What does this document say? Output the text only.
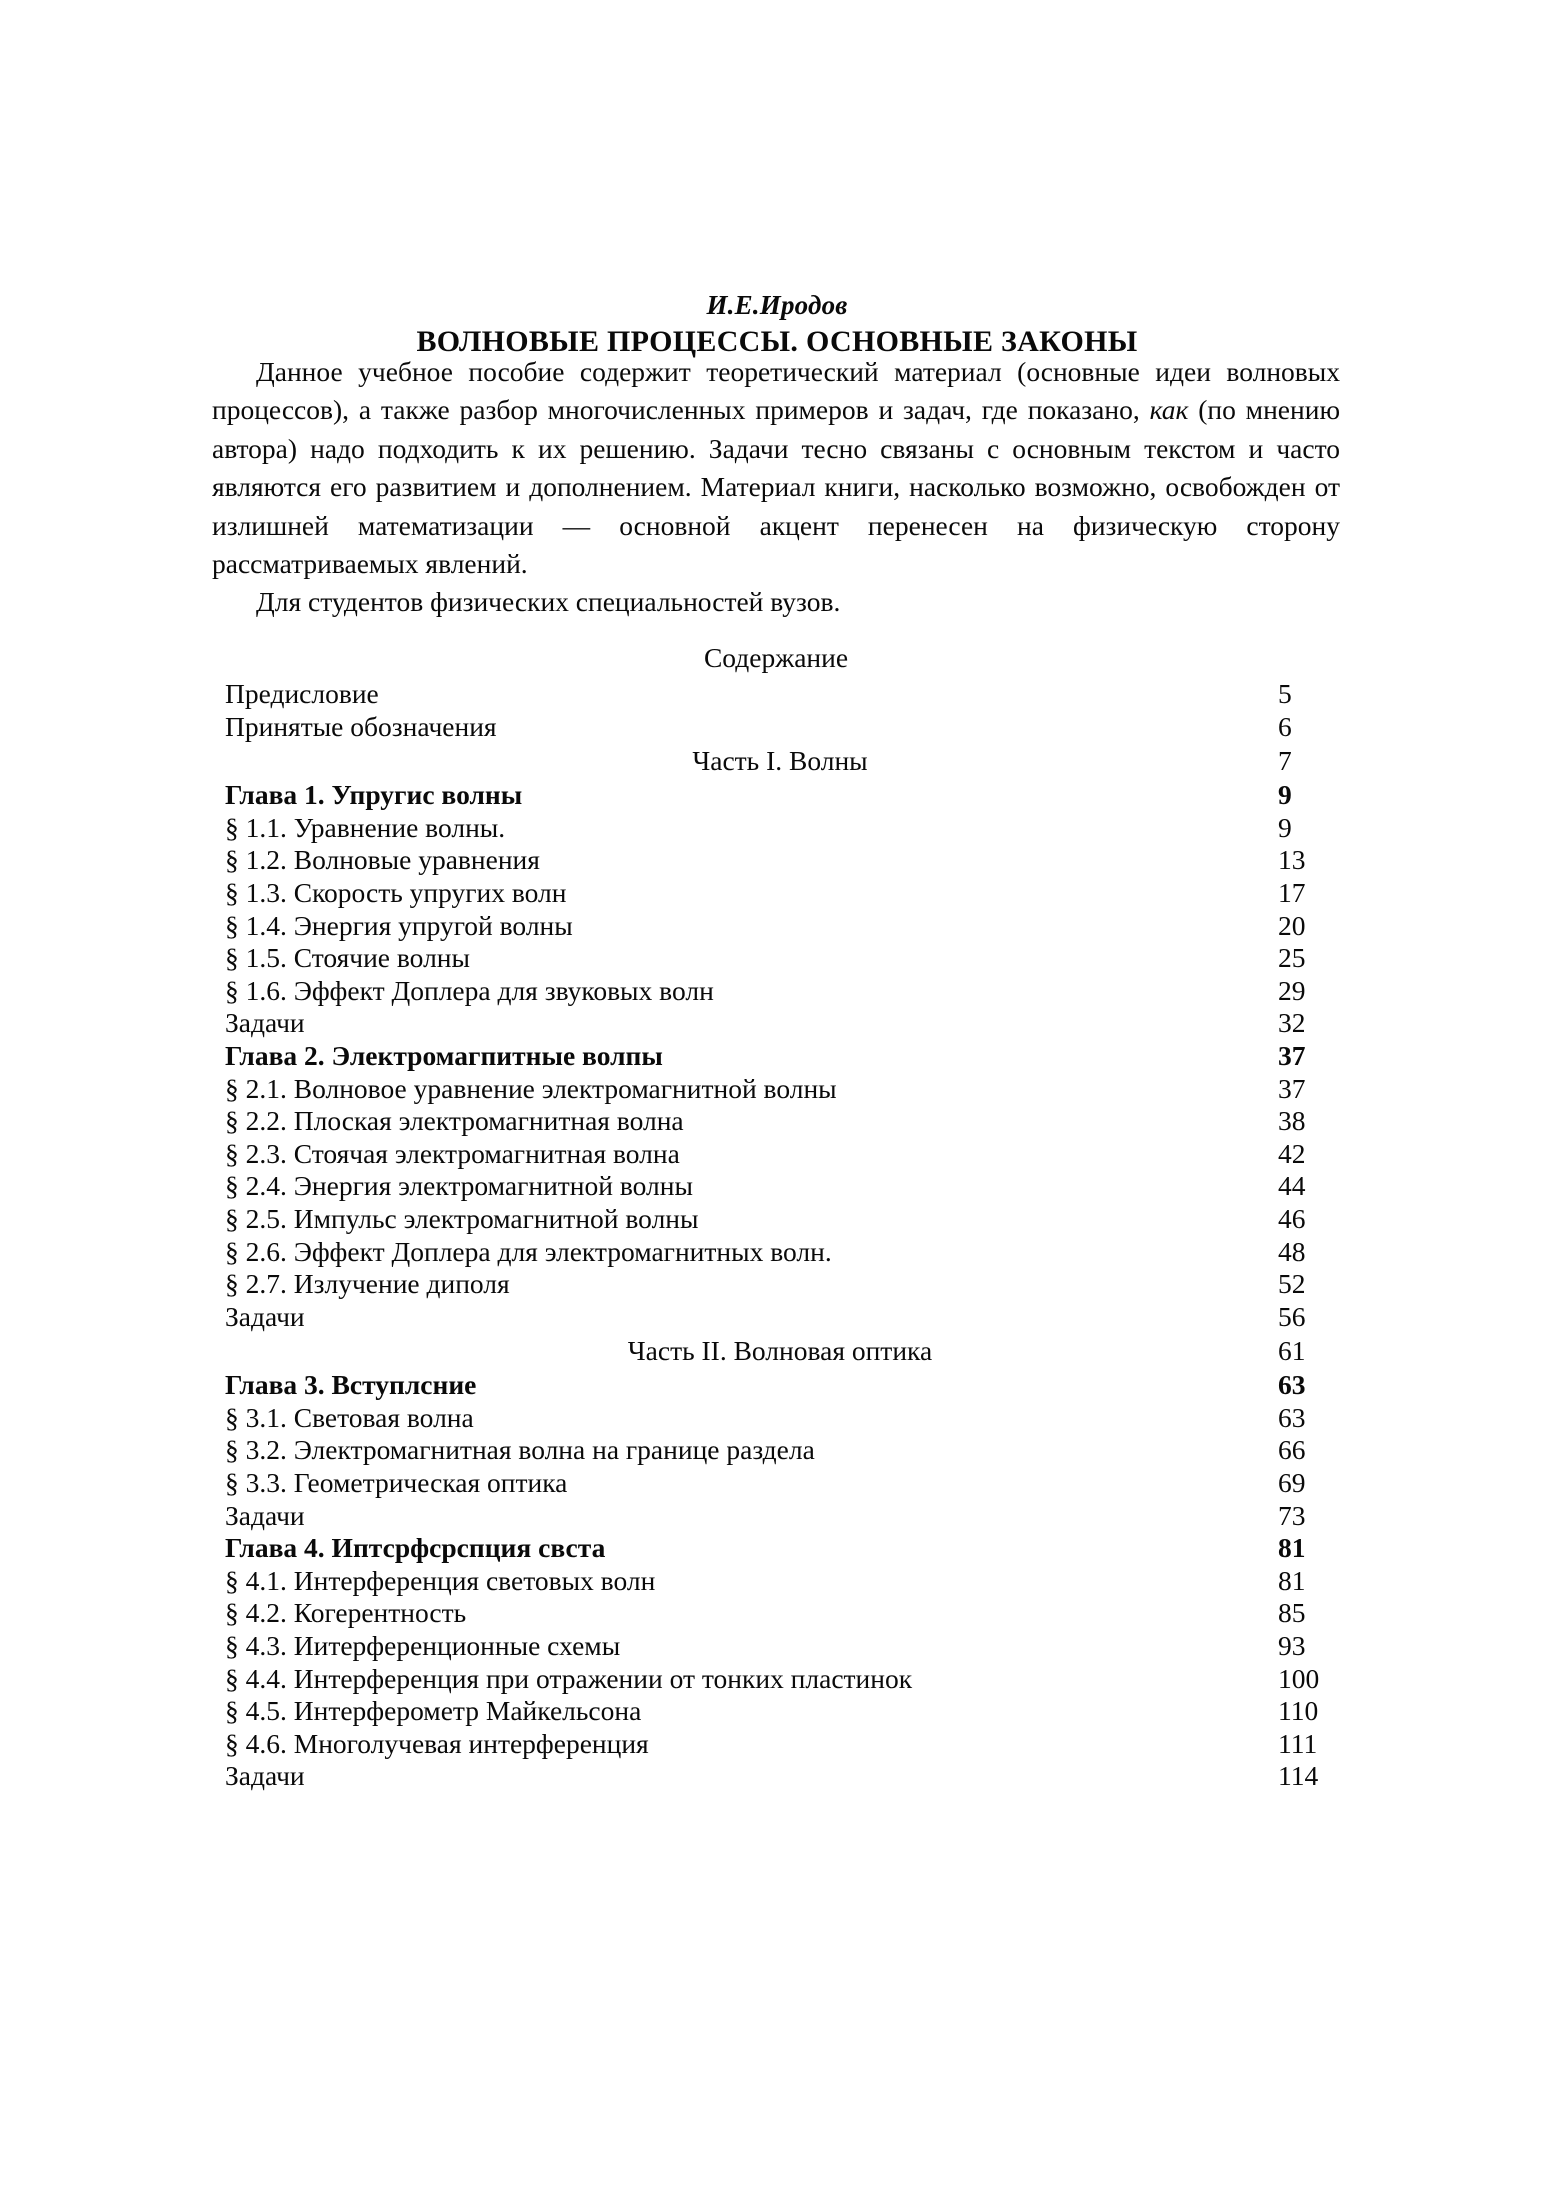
И.Е.Иродов
ВОЛНОВЫЕ ПРОЦЕССЫ. ОСНОВНЫЕ ЗАКОНЫ

Данное учебное пособие содержит теоретический материал (основные идеи волновых процессов), а также разбор многочисленных примеров и задач, где показано, как (по мнению автора) надо подходить к их решению. Задачи тесно связаны с основным текстом и часто являются его развитием и дополнением. Материал книги, насколько возможно, освобожден от излишней математизации — основной акцент перенесен на физическую сторону рассматриваемых явлений.

Для студентов физических специальностей вузов.

Содержание
Предисловие	5
Принятые обозначения	6
Часть I. Волны	7
Глава 1. Упругис волны	9
§ 1.1. Уравнение волны.	9
§ 1.2. Волновые уравнения	13
§ 1.3. Скорость упругих волн	17
§ 1.4. Энергия упругой волны	20
§ 1.5. Стоячие волны	25
§ 1.6. Эффект Доплера для звуковых волн	29
Задачи	32
Глава 2. Электромагпитные волпы	37
§ 2.1. Волновое уравнение электромагнитной волны	37
§ 2.2. Плоская электромагнитная волна	38
§ 2.3. Стоячая электромагнитная волна	42
§ 2.4. Энергия электромагнитной волны	44
§ 2.5. Импульс электромагнитной волны	46
§ 2.6. Эффект Доплера для электромагнитных волн.	48
§ 2.7. Излучение диполя	52
Задачи	56
Часть II. Волновая оптика	61
Глава 3. Вступлсние	63
§ 3.1. Световая волна	63
§ 3.2. Электромагнитная волна на границе раздела	66
§ 3.3. Геометрическая оптика	69
Задачи	73
Глава 4. Иптсрфсрспция свста	81
§ 4.1. Интерференция световых волн	81
§ 4.2. Когерентность	85
§ 4.3. Иитерференционные схемы	93
§ 4.4. Интерференция при отражении от тонких пластинок	100
§ 4.5. Интерферометр Майкельсона	110
§ 4.6. Многолучевая интерференция	111
Задачи	114
